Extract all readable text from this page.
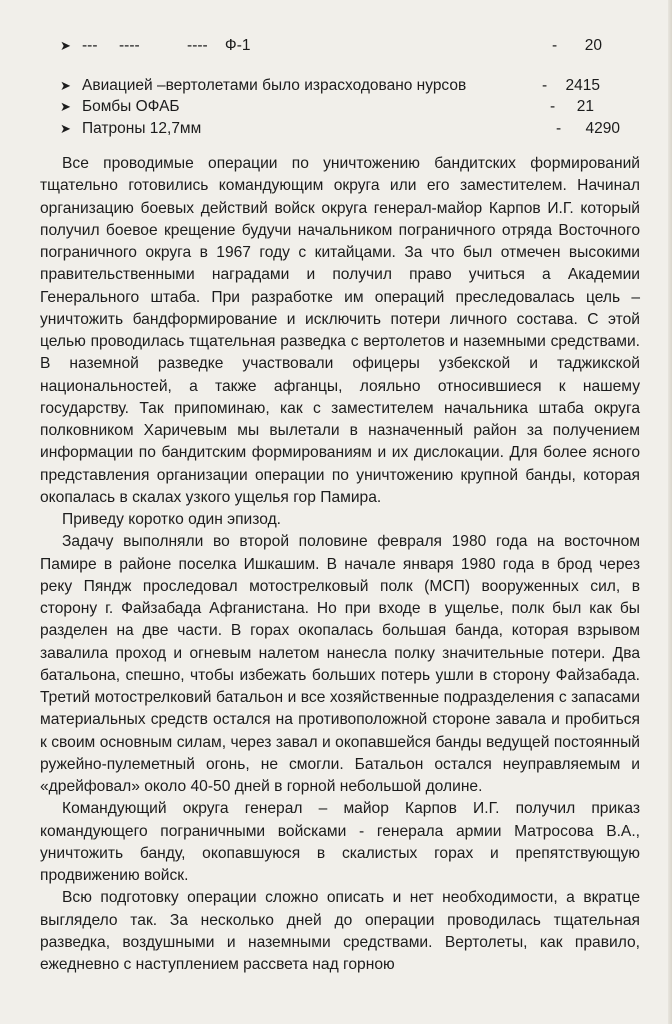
➤ ---     ----           ----    Ф-1	- 20
➤ Авиацией –вертолетами было израсходовано нурсов	- 2415
➤ Бомбы ОФАБ	- 21
➤ Патроны 12,7мм	- 4290

Все проводимые операции по уничтожению бандитских формирований тщательно готовились командующим округа или его заместителем. Начинал организацию боевых действий войск округа генерал-майор Карпов И.Г. который получил боевое крещение будучи начальником пограничного отряда Восточного пограничного округа в 1967 году с китайцами. За что был отмечен высокими правительственными наградами и получил право учиться а Академии Генерального штаба. При разработке им операций преследовалась цель – уничтожить бандформирование и исключить потери личного состава. С этой целью проводилась тщательная разведка с вертолетов и наземными средствами. В наземной разведке участвовали офицеры узбекской и таджикской национальностей, а также афганцы, лояльно относившиеся к нашему государству. Так припоминаю, как с заместителем начальника штаба округа полковником Харичевым мы вылетали в назначенный район за получением информации по бандитским формированиям и их дислокации. Для более ясного представления организации операции по уничтожению крупной банды, которая окопалась в скалах узкого ущелья гор Памира.

Приведу коротко один эпизод.

Задачу выполняли во второй половине февраля 1980 года на восточном Памире в районе поселка Ишкашим. В начале января 1980 года в брод через реку Пяндж проследовал мотострелковый полк (МСП) вооруженных сил, в сторону г. Файзабада Афганистана. Но при входе в ущелье, полк был как бы разделен на две части. В горах окопалась большая банда, которая взрывом завалила проход и огневым налетом нанесла полку значительные потери. Два батальона, спешно, чтобы избежать больших потерь ушли в сторону Файзабада. Третий мотострелковий батальон и все хозяйственные подразделения с запасами материальных средств остался на противоположной стороне завала и пробиться к своим основным силам, через завал и окопавшейся банды ведущей постоянный ружейно-пулеметный огонь, не смогли. Батальон остался неуправляемым и «дрейфовал» около 40-50 дней в горной небольшой долине.

Командующий округа генерал – майор Карпов И.Г. получил приказ командующего пограничными войсками - генерала армии Матросова В.А., уничтожить банду, окопавшуюся в скалистых горах и препятствующую продвижению войск.

Всю подготовку операции сложно описать и нет необходимости, а вкратце выглядело так. За несколько дней до операции проводилась тщательная разведка, воздушными и наземными средствами. Вертолеты, как правило, ежедневно с наступлением рассвета над горною
